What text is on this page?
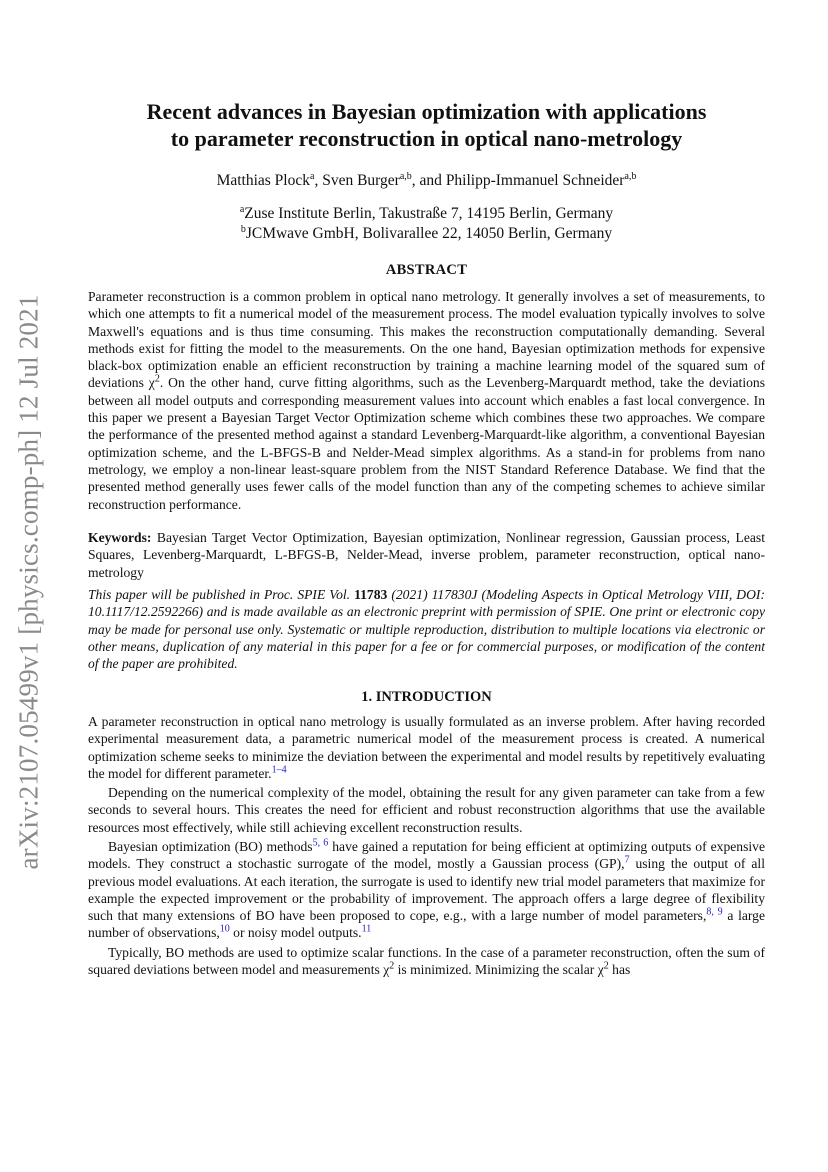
arXiv:2107.05499v1 [physics.comp-ph] 12 Jul 2021
Recent advances in Bayesian optimization with applications
to parameter reconstruction in optical nano-metrology
Matthias Plock$^a$, Sven Burger$^{a,b}$, and Philipp-Immanuel Schneider$^{a,b}$
$^a$Zuse Institute Berlin, Takustraße 7, 14195 Berlin, Germany
$^b$JCMwave GmbH, Bolivarallee 22, 14050 Berlin, Germany
ABSTRACT
Parameter reconstruction is a common problem in optical nano metrology. It generally involves a set of measurements, to which one attempts to fit a numerical model of the measurement process. The model evaluation typically involves to solve Maxwell's equations and is thus time consuming. This makes the reconstruction computationally demanding. Several methods exist for fitting the model to the measurements. On the one hand, Bayesian optimization methods for expensive black-box optimization enable an efficient reconstruction by training a machine learning model of the squared sum of deviations $\chi^2$. On the other hand, curve fitting algorithms, such as the Levenberg-Marquardt method, take the deviations between all model outputs and corresponding measurement values into account which enables a fast local convergence. In this paper we present a Bayesian Target Vector Optimization scheme which combines these two approaches. We compare the performance of the presented method against a standard Levenberg-Marquardt-like algorithm, a conventional Bayesian optimization scheme, and the L-BFGS-B and Nelder-Mead simplex algorithms. As a stand-in for problems from nano metrology, we employ a non-linear least-square problem from the NIST Standard Reference Database. We find that the presented method generally uses fewer calls of the model function than any of the competing schemes to achieve similar reconstruction performance.
Keywords: Bayesian Target Vector Optimization, Bayesian optimization, Nonlinear regression, Gaussian process, Least Squares, Levenberg-Marquardt, L-BFGS-B, Nelder-Mead, inverse problem, parameter reconstruction, optical nano-metrology
This paper will be published in Proc. SPIE Vol. 11783 (2021) 117830J (Modeling Aspects in Optical Metrology VIII, DOI: 10.1117/12.2592266) and is made available as an electronic preprint with permission of SPIE. One print or electronic copy may be made for personal use only. Systematic or multiple reproduction, distribution to multiple locations via electronic or other means, duplication of any material in this paper for a fee or for commercial purposes, or modification of the content of the paper are prohibited.
1. INTRODUCTION
A parameter reconstruction in optical nano metrology is usually formulated as an inverse problem. After having recorded experimental measurement data, a parametric numerical model of the measurement process is created. A numerical optimization scheme seeks to minimize the deviation between the experimental and model results by repetitively evaluating the model for different parameter.$^{1-4}$
Depending on the numerical complexity of the model, obtaining the result for any given parameter can take from a few seconds to several hours. This creates the need for efficient and robust reconstruction algorithms that use the available resources most effectively, while still achieving excellent reconstruction results.
Bayesian optimization (BO) methods$^{5, 6}$ have gained a reputation for being efficient at optimizing outputs of expensive models. They construct a stochastic surrogate of the model, mostly a Gaussian process (GP),$^7$ using the output of all previous model evaluations. At each iteration, the surrogate is used to identify new trial model parameters that maximize for example the expected improvement or the probability of improvement. The approach offers a large degree of flexibility such that many extensions of BO have been proposed to cope, e.g., with a large number of model parameters,$^{8, 9}$ a large number of observations,$^{10}$ or noisy model outputs.$^{11}$
Typically, BO methods are used to optimize scalar functions. In the case of a parameter reconstruction, often the sum of squared deviations between model and measurements $\chi^2$ is minimized. Minimizing the scalar $\chi^2$ has
